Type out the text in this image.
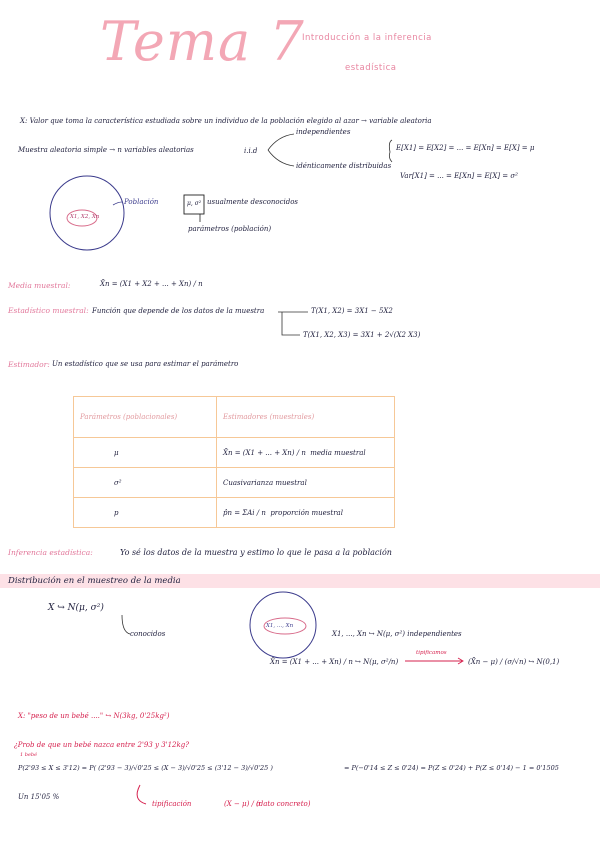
Tema 7
Introducción a la inferencia
estadística
X: Valor que toma la característica estudiada sobre un individuo de la población elegido al azar → variable aleatoria
Muestra aleatoria simple → n variables aleatorias	i.i.d
independientes
idénticamente distribuidas
E[X1] = E[X2] = ... = E[Xn] = E[X] = μ
Var[X1] = ... = E[Xn] = E[X] = σ²
Población
X1, X2, Xn
μ, σ² usualmente desconocidos
parámetros (población)
Media muestral:	X̄n = (X1 + X2 + ... + Xn) / n
Estadístico muestral: Función que depende de los datos de la muestra	T(X1, X2) = 3X1 − 5X2
T(X1, X2, X3) = 3X1 + 2√(X2 X3)
Estimador: Un estadístico que se usa para estimar el parámetro
Parámetros (poblacionales)	Estimadores (muestrales)
μ	X̄n = (X1 + ... + Xn) / n media muestral
σ²	Cuasivarianza muestral
p	p̂n = ΣAi / n proporción muestral
Inferencia estadística:	Yo sé los datos de la muestra y estimo lo que le pasa a la población
Distribución en el muestreo de la media
X ↪ N(μ, σ²)
conocidos
X1, ..., Xn
X1, ..., Xn ↪ N(μ, σ²) independientes
X̄n = (X1 + ... + Xn) / n ↪ N(μ, σ²/n)
tipificamos
(X̄n − μ) / (σ/√n) ↪ N(0,1)
X: "peso de un bebé ...." ↪ N(3kg, 0'25kg²)
¿Prob de que un bebé nazca entre 2'93 y 3'12kg?
1 bebé
P(2'93 ≤ X ≤ 3'12) = P( (2'93 − 3)/√0'25 ≤ (X − 3)/√0'25 ≤ (3'12 − 3)/√0'25 )	= P(−0'14 ≤ Z ≤ 0'24) = P(Z ≤ 0'24) + P(Z ≤ 0'14) − 1 = 0'1505
Un 15'05 %
tipificación	(X − μ) / σ
(dato concreto)
